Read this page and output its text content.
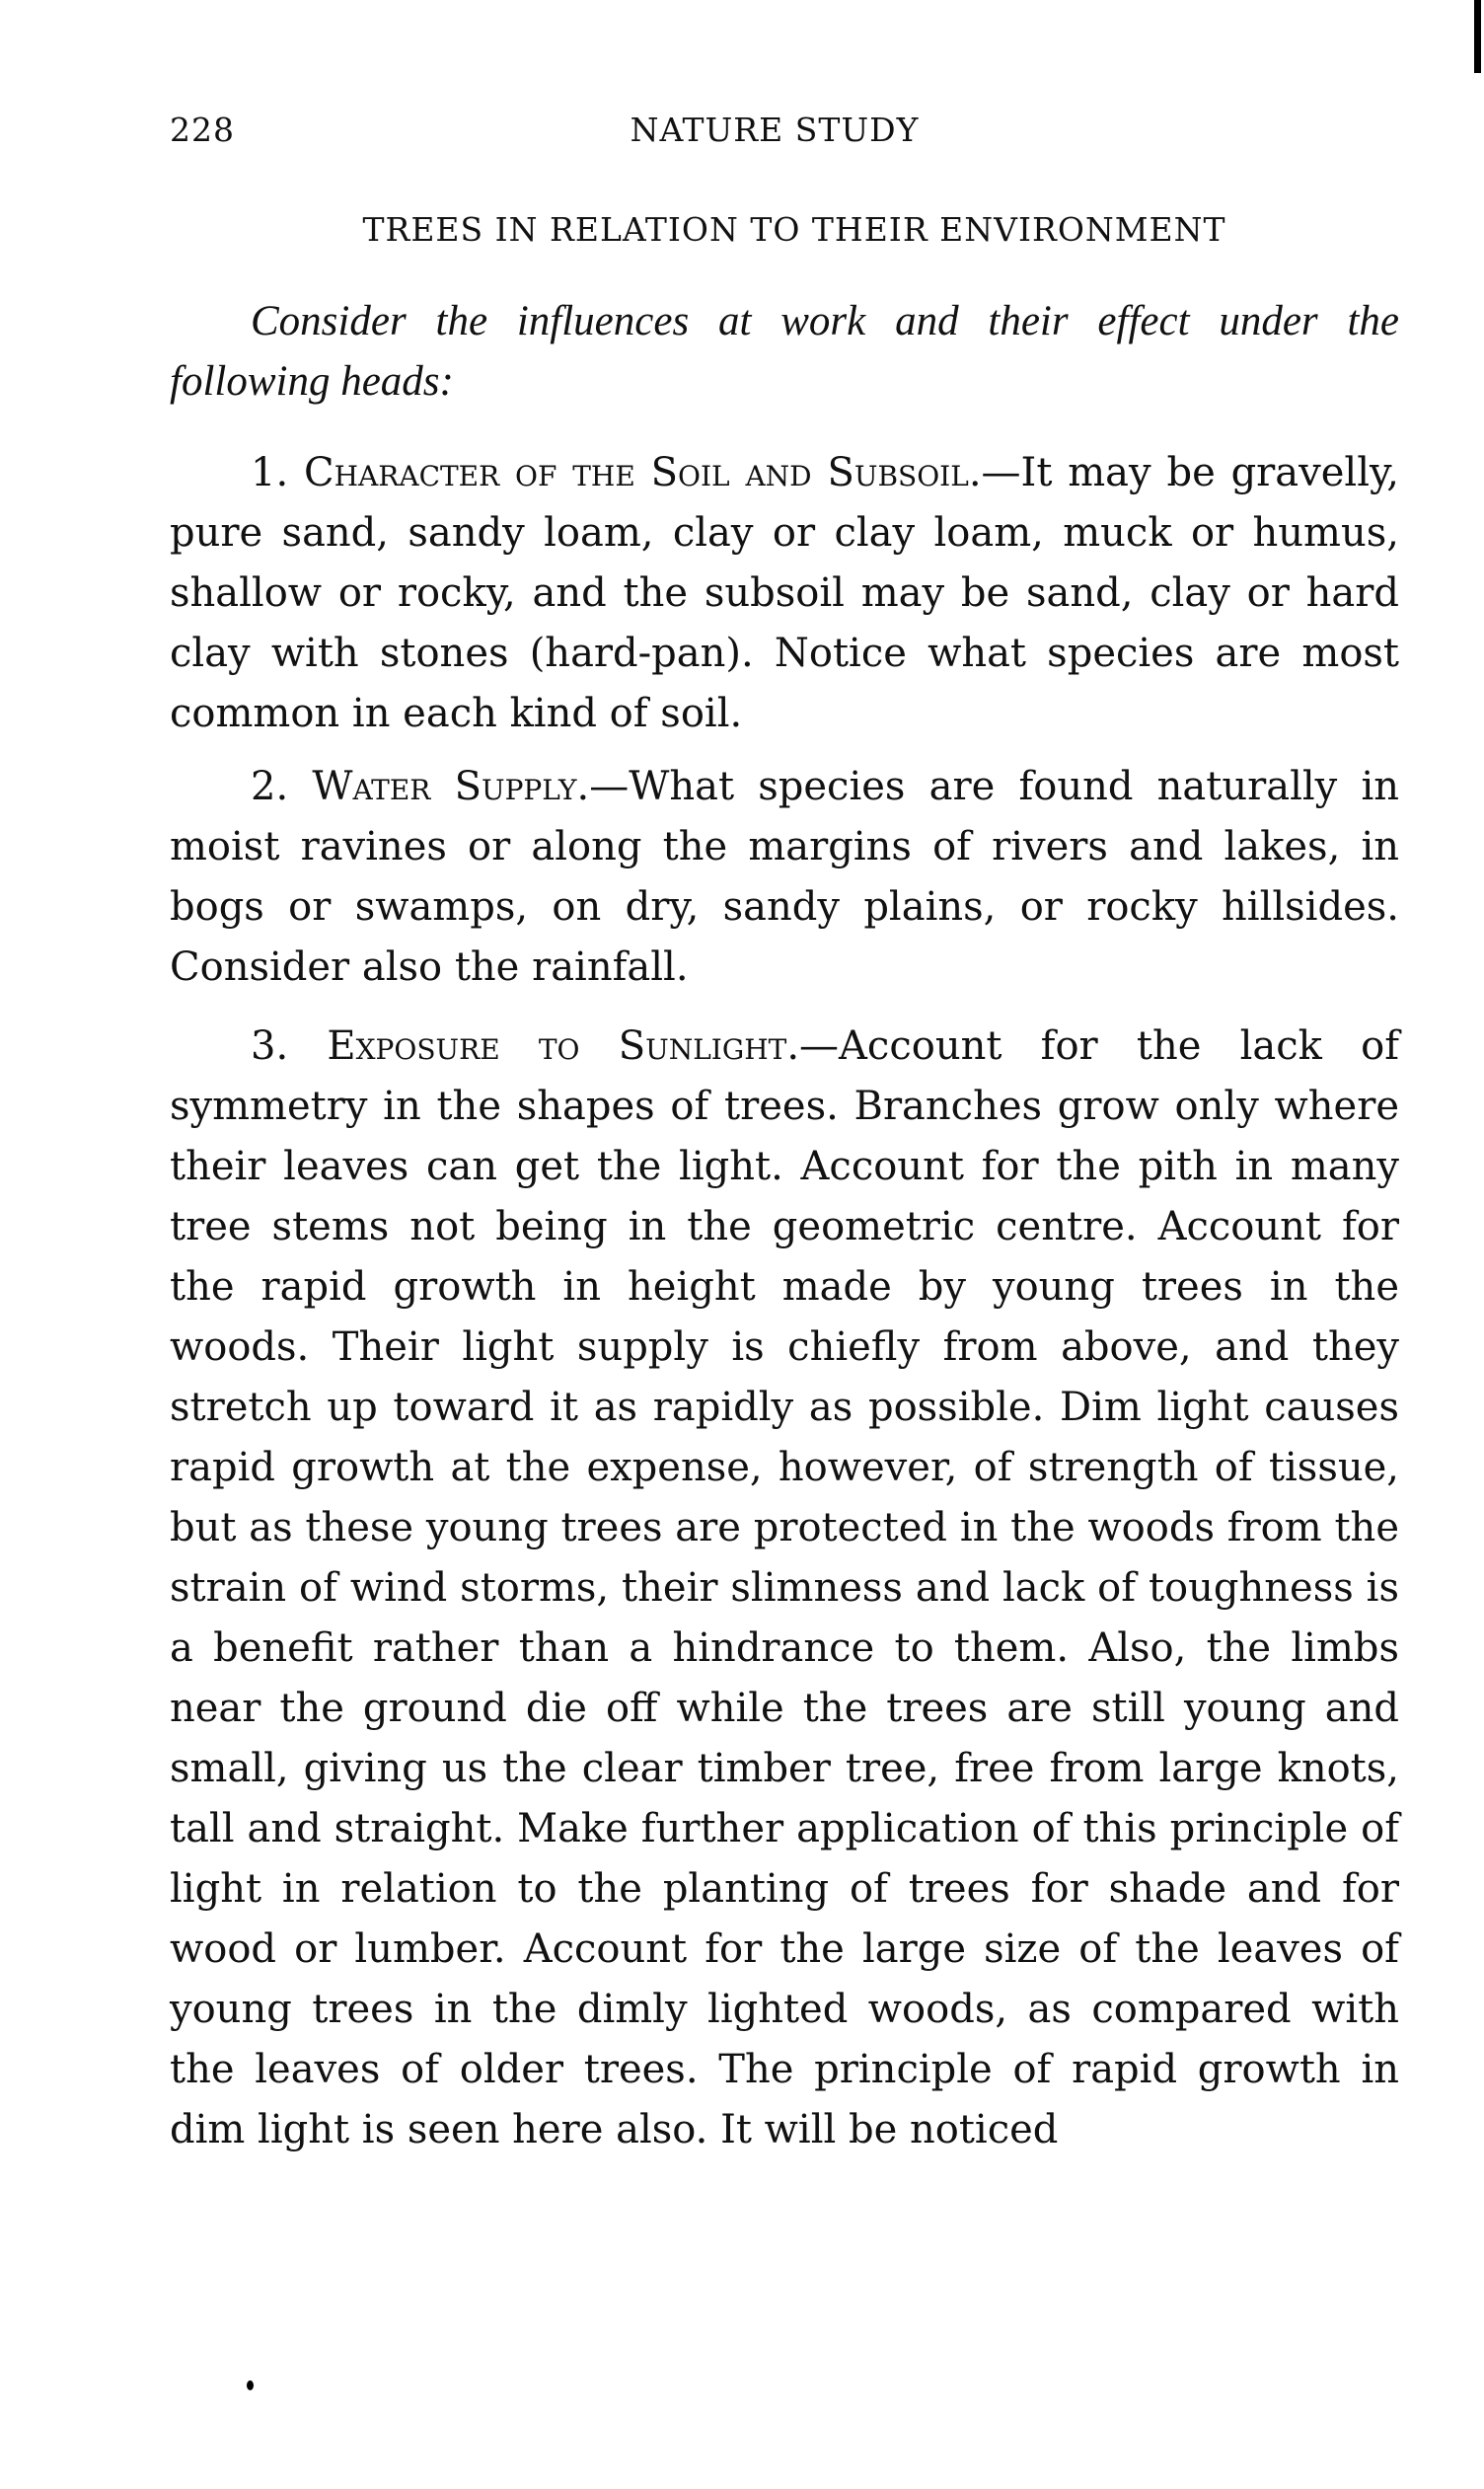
228	NATURE STUDY
TREES IN RELATION TO THEIR ENVIRONMENT

Consider the influences at work and their effect under the following heads:

1. Character of the Soil and Subsoil.—It may be gravelly, pure sand, sandy loam, clay or clay loam, muck or humus, shallow or rocky, and the subsoil may be sand, clay or hard clay with stones (hard-pan). Notice what species are most common in each kind of soil.

2. Water Supply.—What species are found naturally in moist ravines or along the margins of rivers and lakes, in bogs or swamps, on dry, sandy plains, or rocky hillsides. Consider also the rainfall.

3. Exposure to Sunlight.—Account for the lack of symmetry in the shapes of trees. Branches grow only where their leaves can get the light. Account for the pith in many tree stems not being in the geometric centre. Account for the rapid growth in height made by young trees in the woods. Their light supply is chiefly from above, and they stretch up toward it as rapidly as possible. Dim light causes rapid growth at the expense, however, of strength of tissue, but as these young trees are protected in the woods from the strain of wind storms, their slimness and lack of toughness is a benefit rather than a hindrance to them. Also, the limbs near the ground die off while the trees are still young and small, giving us the clear timber tree, free from large knots, tall and straight. Make further application of this principle of light in relation to the planting of trees for shade and for wood or lumber. Account for the large size of the leaves of young trees in the dimly lighted woods, as compared with the leaves of older trees. The principle of rapid growth in dim light is seen here also. It will be noticed
